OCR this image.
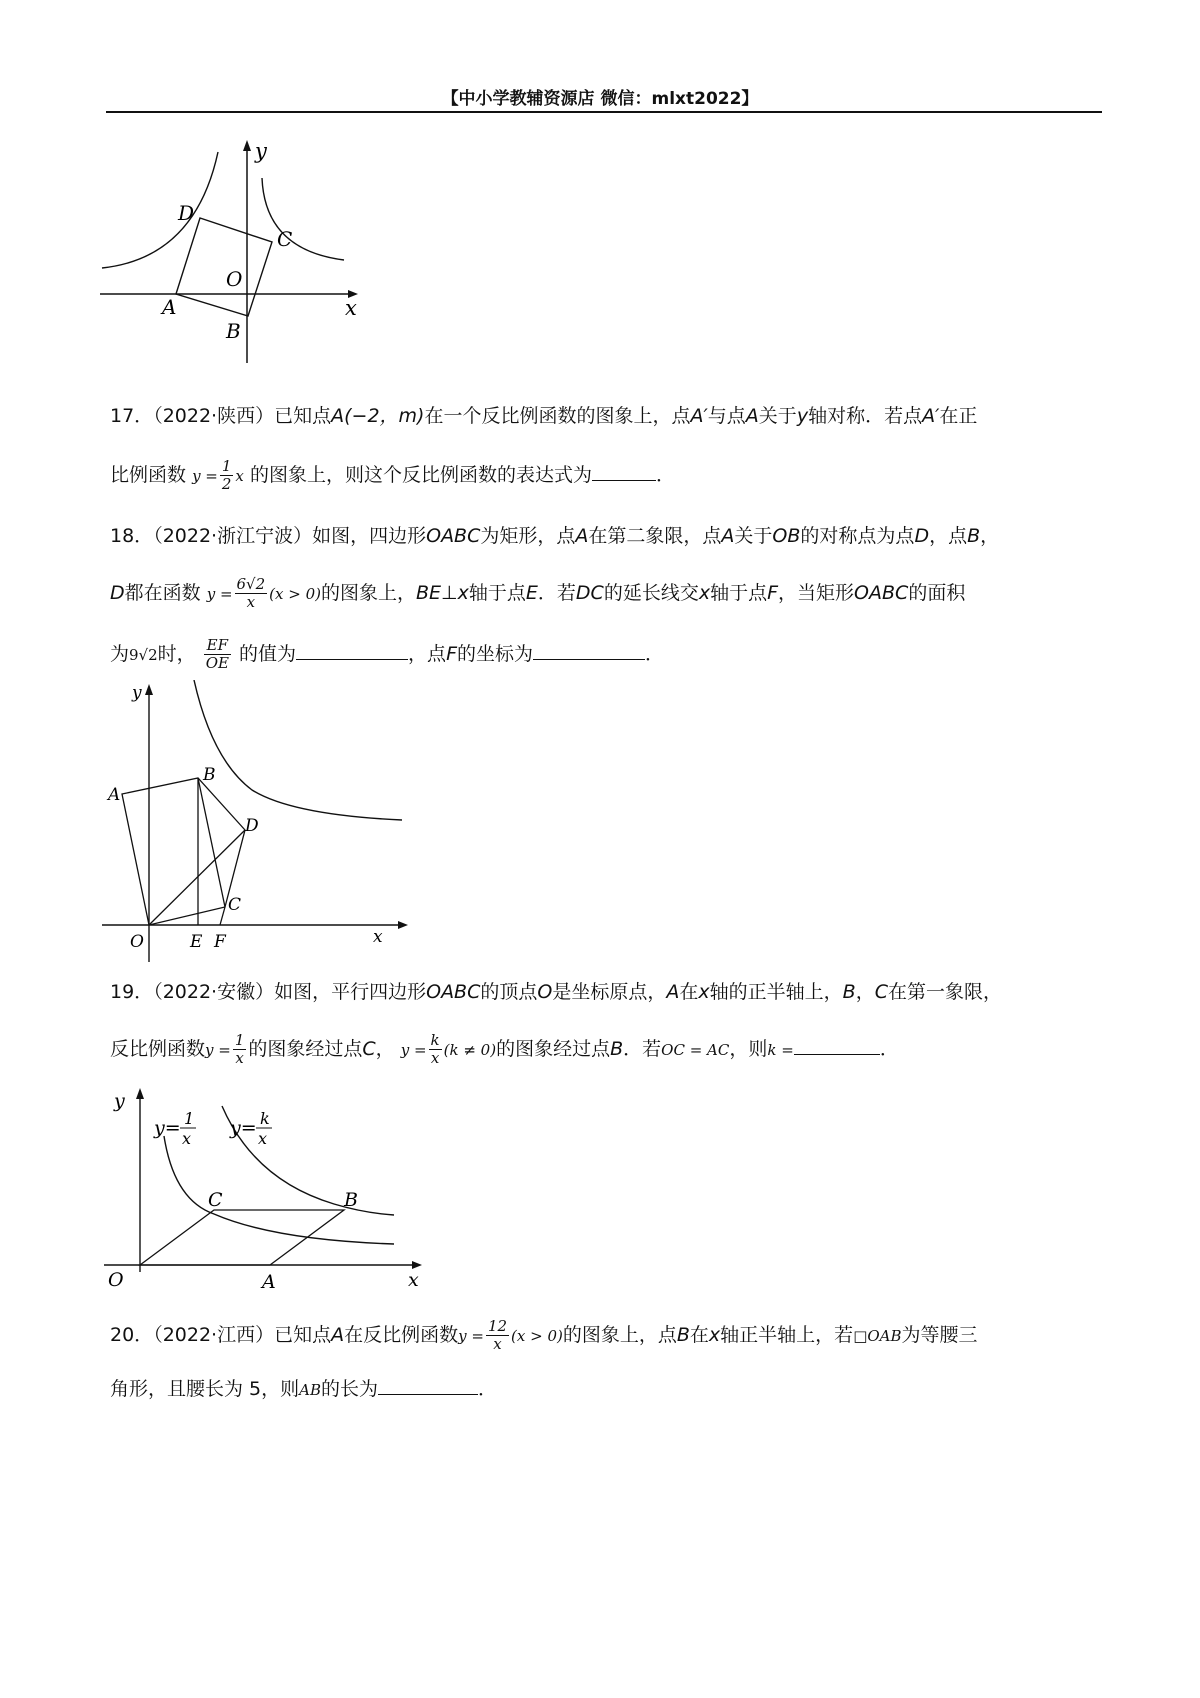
【中小学教辅资源店 微信：mlxt2022】
y
x
D
C
O
A
B
17．（2022·陕西）已知点A(−2，m)在一个反比例函数的图象上，点A′与点A关于y轴对称．若点A′在正
比例函数 $y = \frac{1}{2}$ x 的图象上，则这个反比例函数的表达式为	．
18．（2022·浙江宁波）如图，四边形OABC为矩形，点A在第二象限，点A关于OB的对称点为点D，点B，
D都在函数 $y = \frac{6√2}{x} (x > 0)$的图象上，BE⊥x轴于点E．若DC的延长线交x轴于点F，当矩形OABC的面积
为9√2时， $\frac{EF}{OE}$ 的值为	，点F的坐标为	．
y
B
A
D
C
O	E F	x
19．（2022·安徽）如图，平行四边形OABC的顶点O是坐标原点，A在x轴的正半轴上，B，C在第一象限，
反比例函数$y = \frac{1}{x}$ 的图象经过点C， $y = \frac{k}{x} (k \ne 0)$的图象经过点B．若OC = AC，则k =	．
y
y= 1
x y= k
x
C	B
O	A	x
20．（2022·江西）已知点A在反比例函数$y = \frac{12}{x} (x > 0)$的图象上，点B在x轴正半轴上，若□OAB为等腰三
角形，且腰长为 5，则AB的长为	．
